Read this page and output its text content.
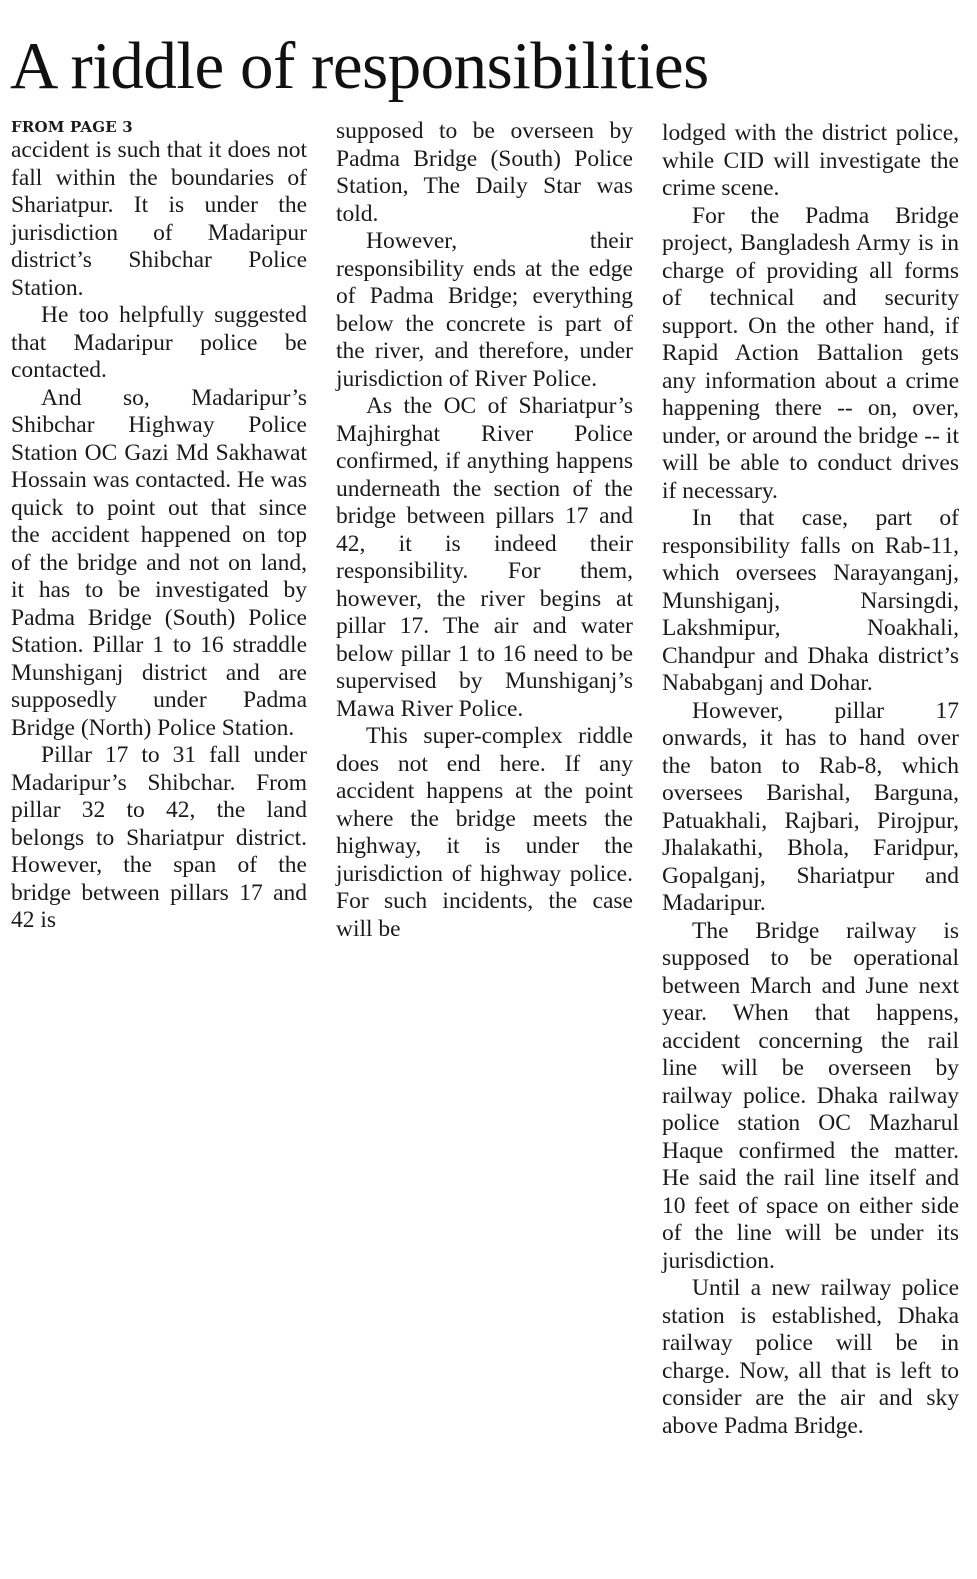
A riddle of responsibilities

FROM PAGE 3

accident is such that it does not fall within the boundaries of Shariatpur. It is under the jurisdiction of Madaripur district’s Shibchar Police Station.

He too helpfully suggested that Madaripur police be contacted.

And so, Madaripur’s Shibchar Highway Police Station OC Gazi Md Sakhawat Hossain was contacted. He was quick to point out that since the accident happened on top of the bridge and not on land, it has to be investigated by Padma Bridge (South) Police Station. Pillar 1 to 16 straddle Munshiganj district and are supposedly under Padma Bridge (North) Police Station.

Pillar 17 to 31 fall under Madaripur’s Shibchar. From pillar 32 to 42, the land belongs to Shariatpur district. However, the span of the bridge between pillars 17 and 42 is

supposed to be overseen by Padma Bridge (South) Police Station, The Daily Star was told.

However, their responsibility ends at the edge of Padma Bridge; everything below the concrete is part of the river, and therefore, under jurisdiction of River Police.

As the OC of Shariatpur’s Majhirghat River Police confirmed, if anything happens underneath the section of the bridge between pillars 17 and 42, it is indeed their responsibility. For them, however, the river begins at pillar 17. The air and water below pillar 1 to 16 need to be supervised by Munshiganj’s Mawa River Police.

This super-complex riddle does not end here. If any accident happens at the point where the bridge meets the highway, it is under the jurisdiction of highway police. For such incidents, the case will be

lodged with the district police, while CID will investigate the crime scene.

For the Padma Bridge project, Bangladesh Army is in charge of providing all forms of technical and security support. On the other hand, if Rapid Action Battalion gets any information about a crime happening there -- on, over, under, or around the bridge -- it will be able to conduct drives if necessary.

In that case, part of responsibility falls on Rab-11, which oversees Narayanganj, Munshiganj, Narsingdi, Lakshmipur, Noakhali, Chandpur and Dhaka district’s Nababganj and Dohar.

However, pillar 17 onwards, it has to hand over the baton to Rab-8, which oversees Barishal, Barguna, Patuakhali, Rajbari, Pirojpur, Jhalakathi, Bhola, Faridpur, Gopalganj, Shariatpur and Madaripur.

The Bridge railway is supposed to be operational between March and June next year. When that happens, accident concerning the rail line will be overseen by railway police. Dhaka railway police station OC Mazharul Haque confirmed the matter. He said the rail line itself and 10 feet of space on either side of the line will be under its jurisdiction.

Until a new railway police station is established, Dhaka railway police will be in charge. Now, all that is left to consider are the air and sky above Padma Bridge.
